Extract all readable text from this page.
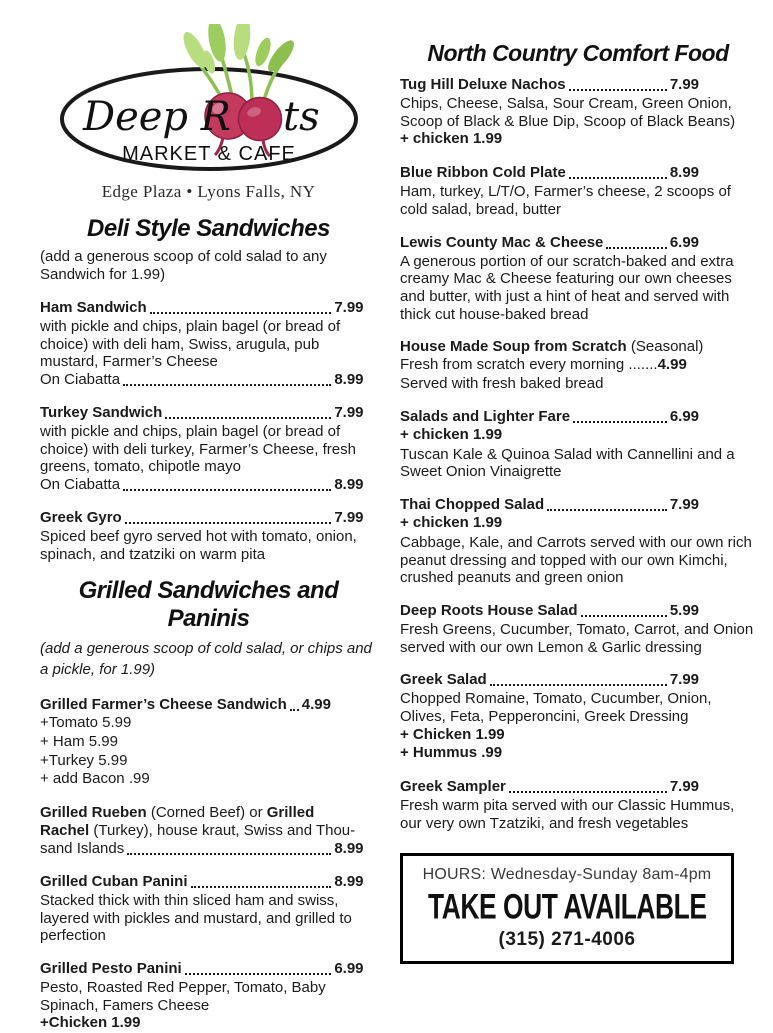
Deep R ts
MARKET & CAFE
Edge Plaza • Lyons Falls, NY
Deli Style Sandwiches

(add a generous scoop of cold salad to any Sandwich for 1.99)

Ham Sandwich	7.99
with pickle and chips, plain bagel (or bread of choice) with deli ham, Swiss, arugula, pub mustard, Farmer’s Cheese
On Ciabatta	8.99
Turkey Sandwich	7.99
with pickle and chips, plain bagel (or bread of choice) with deli turkey, Farmer’s Cheese, fresh greens, tomato, chipotle mayo
On Ciabatta	8.99
Greek Gyro	7.99
Spiced beef gyro served hot with tomato, onion, spinach, and tzatziki on warm pita
Grilled Sandwiches and Paninis

(add a generous scoop of cold salad, or chips and a pickle, for 1.99)

Grilled Farmer’s Cheese Sandwich 4.99
+Tomato 5.99
+ Ham 5.99
+Turkey 5.99
+ add Bacon .99
Grilled Rueben (Corned Beef) or Grilled
Rachel (Turkey), house kraut, Swiss and Thou-
sand Islands	8.99
Grilled Cuban Panini	8.99
Stacked thick with thin sliced ham and swiss, layered with pickles and mustard, and grilled to perfection
Grilled Pesto Panini	6.99
Pesto, Roasted Red Pepper, Tomato, Baby Spinach, Famers Cheese
+Chicken 1.99
North Country Comfort Food
Tug Hill Deluxe Nachos	7.99
Chips, Cheese, Salsa, Sour Cream, Green Onion, Scoop of Black & Blue Dip, Scoop of Black Beans)
+ chicken 1.99
Blue Ribbon Cold Plate	8.99
Ham, turkey, L/T/O, Farmer’s cheese, 2 scoops of cold salad, bread, butter
Lewis County Mac & Cheese	6.99
A generous portion of our scratch-baked and extra creamy Mac & Cheese featuring our own cheeses and butter, with just a hint of heat and served with thick cut house-baked bread
House Made Soup from Scratch (Seasonal)
Fresh from scratch every morning .......4.99
Served with fresh baked bread
Salads and Lighter Fare	6.99
+ chicken 1.99
Tuscan Kale & Quinoa Salad with Cannellini and a Sweet Onion Vinaigrette
Thai Chopped Salad	7.99
+ chicken 1.99
Cabbage, Kale, and Carrots served with our own rich peanut dressing and topped with our own Kimchi, crushed peanuts and green onion
Deep Roots House Salad	5.99
Fresh Greens, Cucumber, Tomato, Carrot, and Onion served with our own Lemon & Garlic dressing
Greek Salad	7.99
Chopped Romaine, Tomato, Cucumber, Onion, Olives, Feta, Pepperoncini, Greek Dressing
+ Chicken 1.99
+ Hummus .99
Greek Sampler	7.99
Fresh warm pita served with our Classic Hummus, our very own Tzatziki, and fresh vegetables
HOURS: Wednesday-Sunday 8am-4pm
TAKE OUT AVAILABLE
(315) 271-4006
